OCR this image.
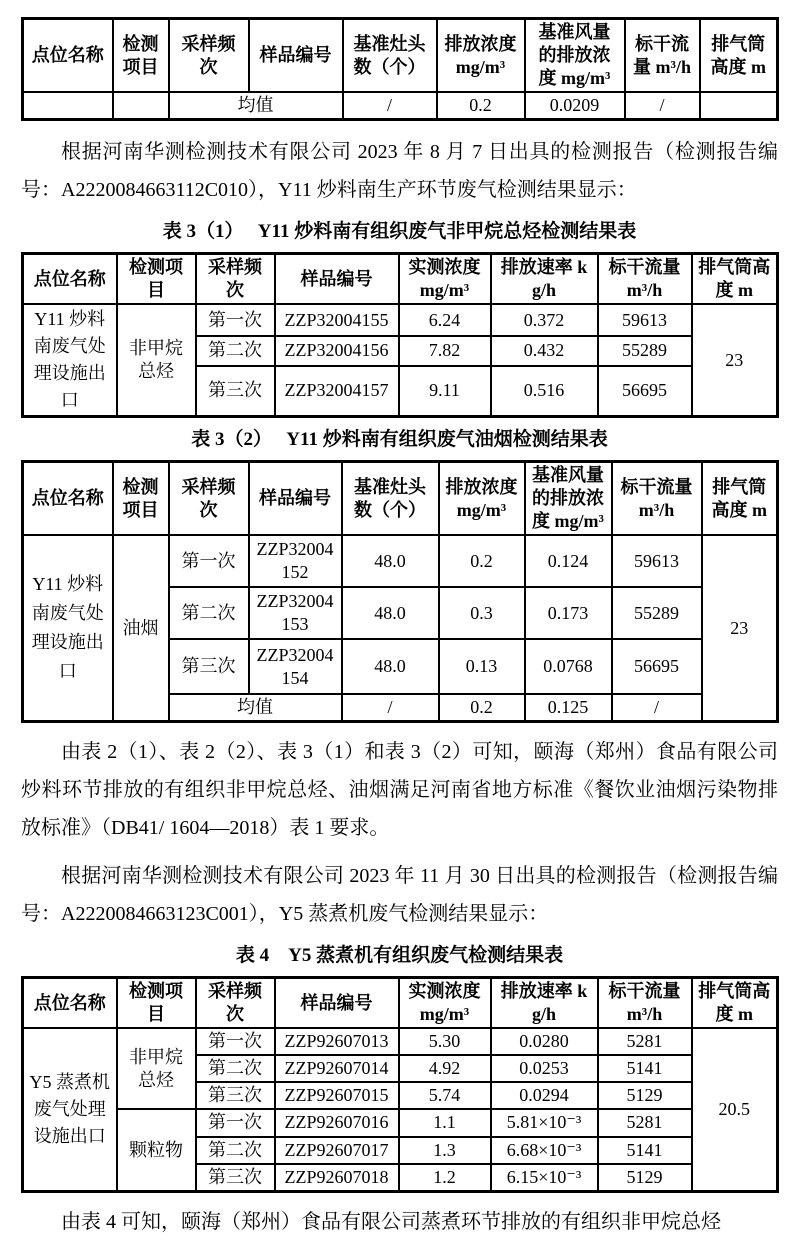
点位名称	检测项目	采样频次	样品编号	基准灶头数（个）	排放浓度 mg/m³	基准风量的排放浓度 mg/m³	标干流量 m³/h	排气筒高度 m
		均值		/	0.2	0.0209	/	

根据河南华测检测技术有限公司 2023 年 8 月 7 日出具的检测报告（检测报告编号：A2220084663112C010），Y11 炒料南生产环节废气检测结果显示：

表 3（1）　 Y11 炒料南有组织废气非甲烷总烃检测结果表
点位名称	检测项目	采样频次	样品编号	实测浓度 mg/m³	排放速率 kg/h	标干流量 m³/h	排气筒高度 m
Y11 炒料南废气处理设施出口	非甲烷总烃	第一次	ZZP32004155	6.24	0.372	59613	23
		第二次	ZZP32004156	7.82	0.432	55289	
		第三次	ZZP32004157	9.11	0.516	56695	
表 3（2）　 Y11 炒料南有组织废气油烟检测结果表
点位名称	检测项目	采样频次	样品编号	基准灶头数（个）	排放浓度 mg/m³	基准风量的排放浓度 mg/m³	标干流量 m³/h	排气筒高度 m
Y11 炒料南废气处理设施出口	油烟	第一次	ZZP32004152	48.0	0.2	0.124	59613	23
		第二次	ZZP32004153	48.0	0.3	0.173	55289	
		第三次	ZZP32004154	48.0	0.13	0.0768	56695	
		均值		/	0.2	0.125	/	

由表 2（1）、表 2（2）、表 3（1）和表 3（2）可知，颐海（郑州）食品有限公司炒料环节排放的有组织非甲烷总烃、油烟满足河南省地方标准《餐饮业油烟污染物排放标准》（DB41/ 1604—2018）表 1 要求。

根据河南华测检测技术有限公司 2023 年 11 月 30 日出具的检测报告（检测报告编号：A2220084663123C001），Y5 蒸煮机废气检测结果显示：

表 4　Y5 蒸煮机有组织废气检测结果表
点位名称	检测项目	采样频次	样品编号	实测浓度 mg/m³	排放速率 kg/h	标干流量 m³/h	排气筒高度 m
Y5 蒸煮机废气处理设施出口	非甲烷总烃	第一次	ZZP92607013	5.30	0.0280	5281	20.5
		第二次	ZZP92607014	4.92	0.0253	5141	
		第三次	ZZP92607015	5.74	0.0294	5129	
	颗粒物	第一次	ZZP92607016	1.1	5.81×10⁻³	5281	
		第二次	ZZP92607017	1.3	6.68×10⁻³	5141	
		第三次	ZZP92607018	1.2	6.15×10⁻³	5129	

由表 4 可知，颐海（郑州）食品有限公司蒸煮环节排放的有组织非甲烷总烃
